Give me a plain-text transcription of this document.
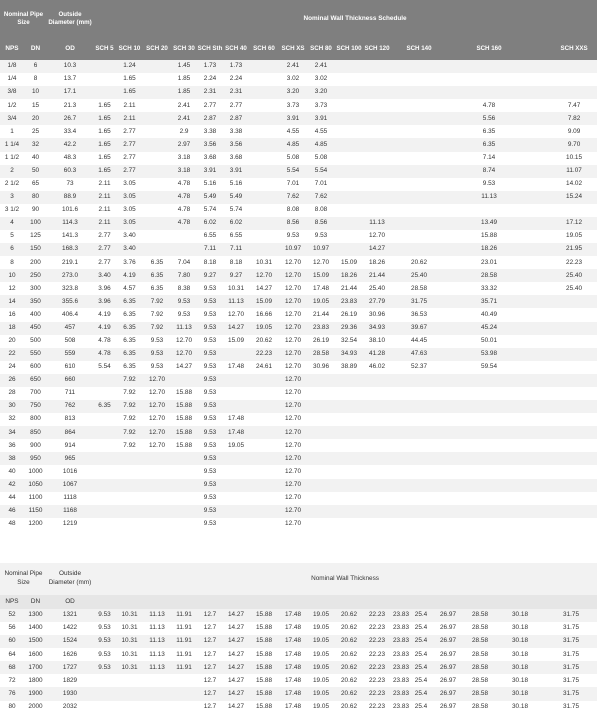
Nominal Pipe Size		Outside Diameter (mm)	Nominal Wall Thickness Schedule													
NPS	DN	OD	SCH 5	SCH 10	SCH 20	SCH 30	SCH Sth	SCH 40	SCH 60	SCH XS	SCH 80	SCH 100	SCH 120	SCH 140	SCH 160	SCH XXS
1/8	6	10.3		1.24		1.45	1.73	1.73		2.41	2.41					
1/4	8	13.7		1.65		1.85	2.24	2.24		3.02	3.02					
3/8	10	17.1		1.65		1.85	2.31	2.31		3.20	3.20					
1/2	15	21.3	1.65	2.11		2.41	2.77	2.77		3.73	3.73				4.78	7.47
3/4	20	26.7	1.65	2.11		2.41	2.87	2.87		3.91	3.91				5.56	7.82
1	25	33.4	1.65	2.77		2.9	3.38	3.38		4.55	4.55				6.35	9.09
1 1/4	32	42.2	1.65	2.77		2.97	3.56	3.56		4.85	4.85				6.35	9.70
1 1/2	40	48.3	1.65	2.77		3.18	3.68	3.68		5.08	5.08				7.14	10.15
2	50	60.3	1.65	2.77		3.18	3.91	3.91		5.54	5.54				8.74	11.07
2 1/2	65	73	2.11	3.05		4.78	5.16	5.16		7.01	7.01				9.53	14.02
3	80	88.9	2.11	3.05		4.78	5.49	5.49		7.62	7.62				11.13	15.24
3 1/2	90	101.6	2.11	3.05		4.78	5.74	5.74		8.08	8.08					
4	100	114.3	2.11	3.05		4.78	6.02	6.02		8.56	8.56		11.13		13.49	17.12
5	125	141.3	2.77	3.40			6.55	6.55		9.53	9.53		12.70		15.88	19.05
6	150	168.3	2.77	3.40			7.11	7.11		10.97	10.97		14.27		18.26	21.95
8	200	219.1	2.77	3.76	6.35	7.04	8.18	8.18	10.31	12.70	12.70	15.09	18.26	20.62	23.01	22.23
10	250	273.0	3.40	4.19	6.35	7.80	9.27	9.27	12.70	12.70	15.09	18.26	21.44	25.40	28.58	25.40
12	300	323.8	3.96	4.57	6.35	8.38	9.53	10.31	14.27	12.70	17.48	21.44	25.40	28.58	33.32	25.40
14	350	355.6	3.96	6.35	7.92	9.53	9.53	11.13	15.09	12.70	19.05	23.83	27.79	31.75	35.71	
16	400	406.4	4.19	6.35	7.92	9.53	9.53	12.70	16.66	12.70	21.44	26.19	30.96	36.53	40.49	
18	450	457	4.19	6.35	7.92	11.13	9.53	14.27	19.05	12.70	23.83	29.36	34.93	39.67	45.24	
20	500	508	4.78	6.35	9.53	12.70	9.53	15.09	20.62	12.70	26.19	32.54	38.10	44.45	50.01	
22	550	559	4.78	6.35	9.53	12.70	9.53		22.23	12.70	28.58	34.93	41.28	47.63	53.98	
24	600	610	5.54	6.35	9.53	14.27	9.53	17.48	24.61	12.70	30.96	38.89	46.02	52.37	59.54	
26	650	660		7.92	12.70		9.53			12.70						
28	700	711		7.92	12.70	15.88	9.53			12.70						
30	750	762	6.35	7.92	12.70	15.88	9.53			12.70						
32	800	813		7.92	12.70	15.88	9.53	17.48		12.70						
34	850	864		7.92	12.70	15.88	9.53	17.48		12.70						
36	900	914		7.92	12.70	15.88	9.53	19.05		12.70						
38	950	965					9.53			12.70						
40	1000	1016					9.53			12.70						
42	1050	1067					9.53			12.70						
44	1100	1118					9.53			12.70						
46	1150	1168					9.53			12.70						
48	1200	1219					9.53			12.70						
Nominal Pipe Size		Outside Diameter (mm)	Nominal Wall Thickness																
NPS	DN	OD																	
52	1300	1321	9.53	10.31	11.13	11.91	12.7	14.27	15.88	17.48	19.05	20.62	22.23	23.83	25.4	26.97	28.58	30.18	31.75
56	1400	1422	9.53	10.31	11.13	11.91	12.7	14.27	15.88	17.48	19.05	20.62	22.23	23.83	25.4	26.97	28.58	30.18	31.75
60	1500	1524	9.53	10.31	11.13	11.91	12.7	14.27	15.88	17.48	19.05	20.62	22.23	23.83	25.4	26.97	28.58	30.18	31.75
64	1600	1626	9.53	10.31	11.13	11.91	12.7	14.27	15.88	17.48	19.05	20.62	22.23	23.83	25.4	26.97	28.58	30.18	31.75
68	1700	1727	9.53	10.31	11.13	11.91	12.7	14.27	15.88	17.48	19.05	20.62	22.23	23.83	25.4	26.97	28.58	30.18	31.75
72	1800	1829					12.7	14.27	15.88	17.48	19.05	20.62	22.23	23.83	25.4	26.97	28.58	30.18	31.75
76	1900	1930					12.7	14.27	15.88	17.48	19.05	20.62	22.23	23.83	25.4	26.97	28.58	30.18	31.75
80	2000	2032					12.7	14.27	15.88	17.48	19.05	20.62	22.23	23.83	25.4	26.97	28.58	30.18	31.75
